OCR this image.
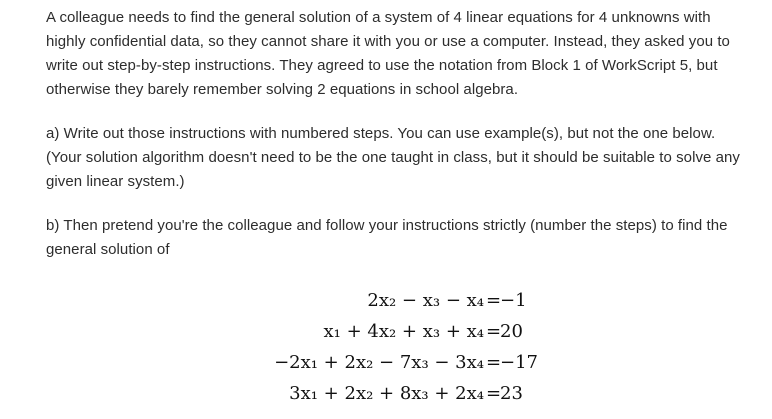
A colleague needs to find the general solution of a system of 4 linear equations for 4 unknowns with highly confidential data, so they cannot share it with you or use a computer. Instead, they asked you to write out step-by-step instructions. They agreed to use the notation from Block 1 of WorkScript 5, but otherwise they barely remember solving 2 equations in school algebra.

a) Write out those instructions with numbered steps. You can use example(s), but not the one below. (Your solution algorithm doesn't need to be the one taught in class, but it should be suitable to solve any given linear system.)

b) Then pretend you're the colleague and follow your instructions strictly (number the steps) to find the general solution of

2x₂ − x₃ − x₄ =
−1
x₁ + 4x₂ + x₃ + x₄ =
20
−2x₁ + 2x₂ − 7x₃ − 3x₄ =
−17
3x₁ + 2x₂ + 8x₃ + 2x₄ =
23
